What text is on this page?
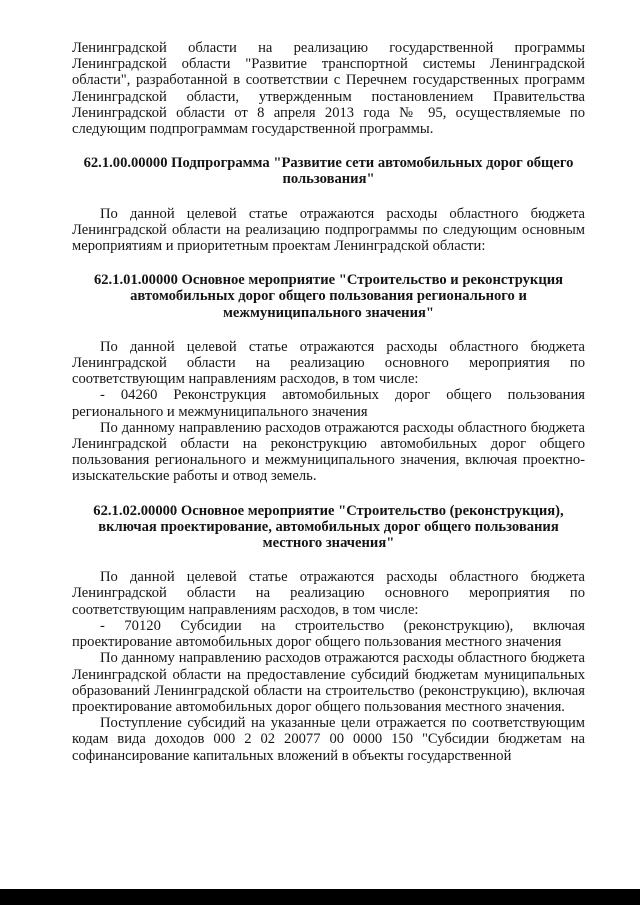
Ленинградской области на реализацию государственной программы Ленинградской области "Развитие транспортной системы Ленинградской области", разработанной в соответствии с Перечнем государственных программ Ленинградской области, утвержденным постановлением Правительства Ленинградской области от 8 апреля 2013 года № 95, осуществляемые по следующим подпрограммам государственной программы.

62.1.00.00000 Подпрограмма "Развитие сети автомобильных дорог общего пользования"

По данной целевой статье отражаются расходы областного бюджета Ленинградской области на реализацию подпрограммы по следующим основным мероприятиям и приоритетным проектам Ленинградской области:

62.1.01.00000 Основное мероприятие "Строительство и реконструкция автомобильных дорог общего пользования регионального и межмуниципального значения"

По данной целевой статье отражаются расходы областного бюджета Ленинградской области на реализацию основного мероприятия по соответствующим направлениям расходов, в том числе:

- 04260 Реконструкция автомобильных дорог общего пользования регионального и межмуниципального значения

По данному направлению расходов отражаются расходы областного бюджета Ленинградской области на реконструкцию автомобильных дорог общего пользования регионального и межмуниципального значения, включая проектно-изыскательские работы и отвод земель.

62.1.02.00000 Основное мероприятие "Строительство (реконструкция), включая проектирование, автомобильных дорог общего пользования местного значения"

По данной целевой статье отражаются расходы областного бюджета Ленинградской области на реализацию основного мероприятия по соответствующим направлениям расходов, в том числе:

- 70120 Субсидии на строительство (реконструкцию), включая проектирование автомобильных дорог общего пользования местного значения

По данному направлению расходов отражаются расходы областного бюджета Ленинградской области на предоставление субсидий бюджетам муниципальных образований Ленинградской области на строительство (реконструкцию), включая проектирование автомобильных дорог общего пользования местного значения.

Поступление субсидий на указанные цели отражается по соответствующим кодам вида доходов 000 2 02 20077 00 0000 150 "Субсидии бюджетам на софинансирование капитальных вложений в объекты государственной
